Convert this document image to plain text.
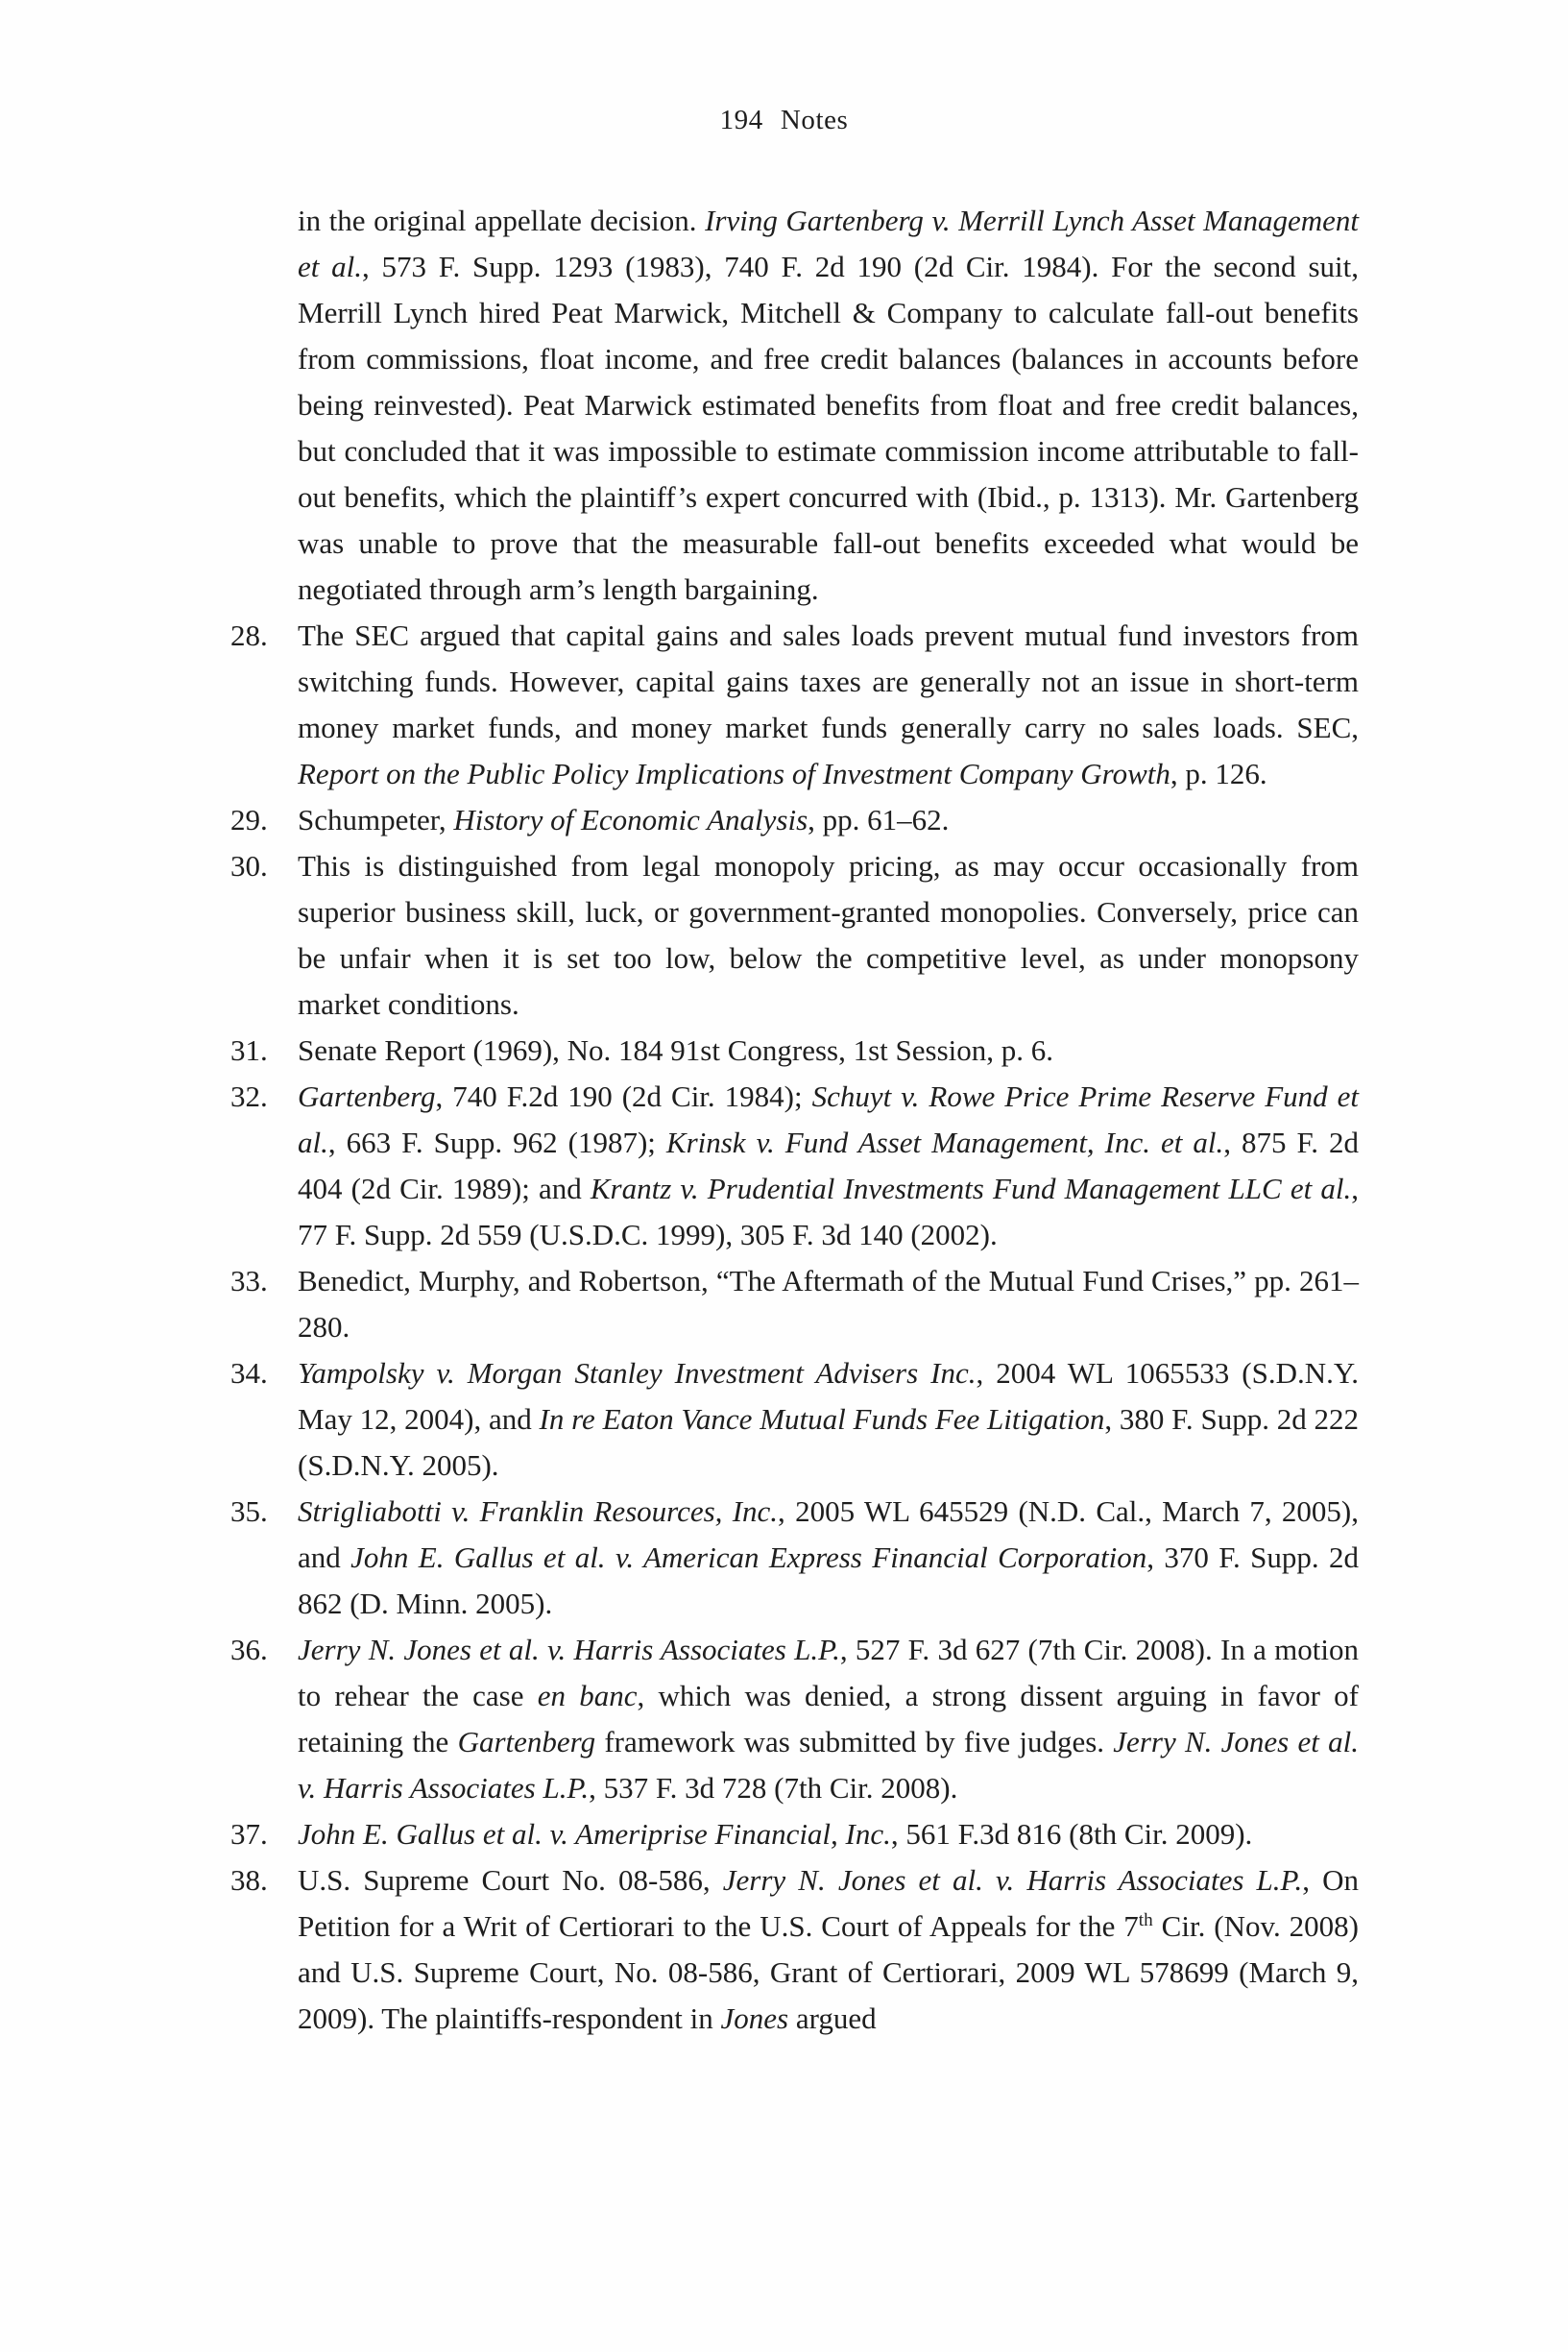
194 Notes

in the original appellate decision. Irving Gartenberg v. Merrill Lynch Asset Management et al., 573 F. Supp. 1293 (1983), 740 F. 2d 190 (2d Cir. 1984). For the second suit, Merrill Lynch hired Peat Marwick, Mitchell & Company to calculate fall-out benefits from commissions, float income, and free credit balances (balances in accounts before being reinvested). Peat Marwick estimated benefits from float and free credit balances, but concluded that it was impossible to estimate commission income attributable to fall-out benefits, which the plaintiff’s expert concurred with (Ibid., p. 1313). Mr. Gartenberg was unable to prove that the measurable fall-out benefits exceeded what would be negotiated through arm’s length bargaining.

28. The SEC argued that capital gains and sales loads prevent mutual fund investors from switching funds. However, capital gains taxes are generally not an issue in short-term money market funds, and money market funds generally carry no sales loads. SEC, Report on the Public Policy Implications of Investment Company Growth, p. 126.

29. Schumpeter, History of Economic Analysis, pp. 61–62.

30. This is distinguished from legal monopoly pricing, as may occur occasionally from superior business skill, luck, or government-granted monopolies. Conversely, price can be unfair when it is set too low, below the competitive level, as under monopsony market conditions.

31. Senate Report (1969), No. 184 91st Congress, 1st Session, p. 6.

32. Gartenberg, 740 F.2d 190 (2d Cir. 1984); Schuyt v. Rowe Price Prime Reserve Fund et al., 663 F. Supp. 962 (1987); Krinsk v. Fund Asset Management, Inc. et al., 875 F. 2d 404 (2d Cir. 1989); and Krantz v. Prudential Investments Fund Management LLC et al., 77 F. Supp. 2d 559 (U.S.D.C. 1999), 305 F. 3d 140 (2002).

33. Benedict, Murphy, and Robertson, “The Aftermath of the Mutual Fund Crises,” pp. 261–280.

34. Yampolsky v. Morgan Stanley Investment Advisers Inc., 2004 WL 1065533 (S.D.N.Y. May 12, 2004), and In re Eaton Vance Mutual Funds Fee Litigation, 380 F. Supp. 2d 222 (S.D.N.Y. 2005).

35. Strigliabotti v. Franklin Resources, Inc., 2005 WL 645529 (N.D. Cal., March 7, 2005), and John E. Gallus et al. v. American Express Financial Corporation, 370 F. Supp. 2d 862 (D. Minn. 2005).

36. Jerry N. Jones et al. v. Harris Associates L.P., 527 F. 3d 627 (7th Cir. 2008). In a motion to rehear the case en banc, which was denied, a strong dissent arguing in favor of retaining the Gartenberg framework was submitted by five judges. Jerry N. Jones et al. v. Harris Associates L.P., 537 F. 3d 728 (7th Cir. 2008).

37. John E. Gallus et al. v. Ameriprise Financial, Inc., 561 F.3d 816 (8th Cir. 2009).

38. U.S. Supreme Court No. 08-586, Jerry N. Jones et al. v. Harris Associates L.P., On Petition for a Writ of Certiorari to the U.S. Court of Appeals for the 7th Cir. (Nov. 2008) and U.S. Supreme Court, No. 08-586, Grant of Certiorari, 2009 WL 578699 (March 9, 2009). The plaintiffs-respondent in Jones argued
